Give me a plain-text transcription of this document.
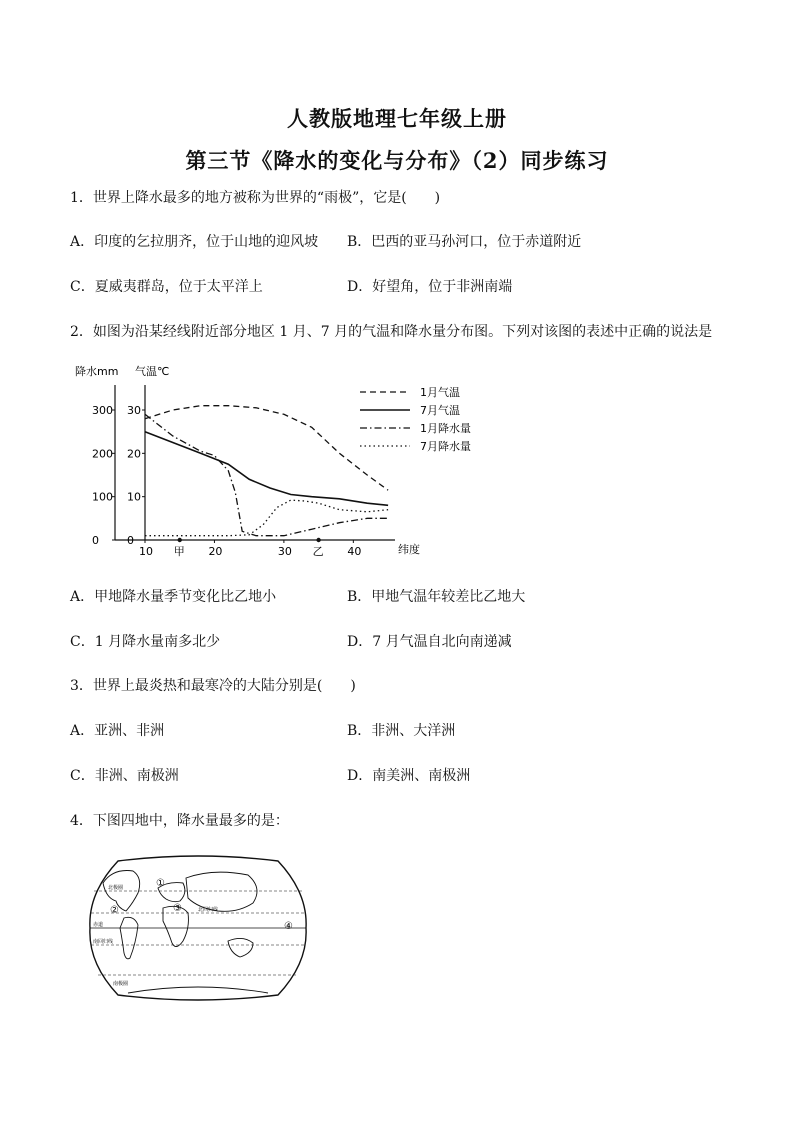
人教版地理七年级上册
第三节《降水的变化与分布》（2）同步练习
1．世界上降水最多的地方被称为世界的“雨极”，它是(　　)
A．印度的乞拉朋齐，位于山地的迎风坡 B．巴西的亚马孙河口，位于赤道附近
C．夏威夷群岛，位于太平洋上	D．好望角，位于非洲南端
2．如图为沿某经线附近部分地区 1 月、7 月的气温和降水量分布图。下列对该图的表述中正确的说法是
降水mm 气温℃
纬度
300 30
200 20
100 10
0	0
10 甲 20	30 乙 40
1月气温
7月气温
1月降水量
7月降水量
A．甲地降水量季节变化比乙地小	B．甲地气温年较差比乙地大
C．1 月降水量南多北少	D．7 月气温自北向南递减
3．世界上最炎热和最寒冷的大陆分别是(　　)
A．亚洲、非洲	B．非洲、大洋洲
C．非洲、南极洲	D．南美洲、南极洲
4．下图四地中，降水量最多的是：
北极圈
北回归线
赤道
南回归线
南极圈
①
②	③
④
